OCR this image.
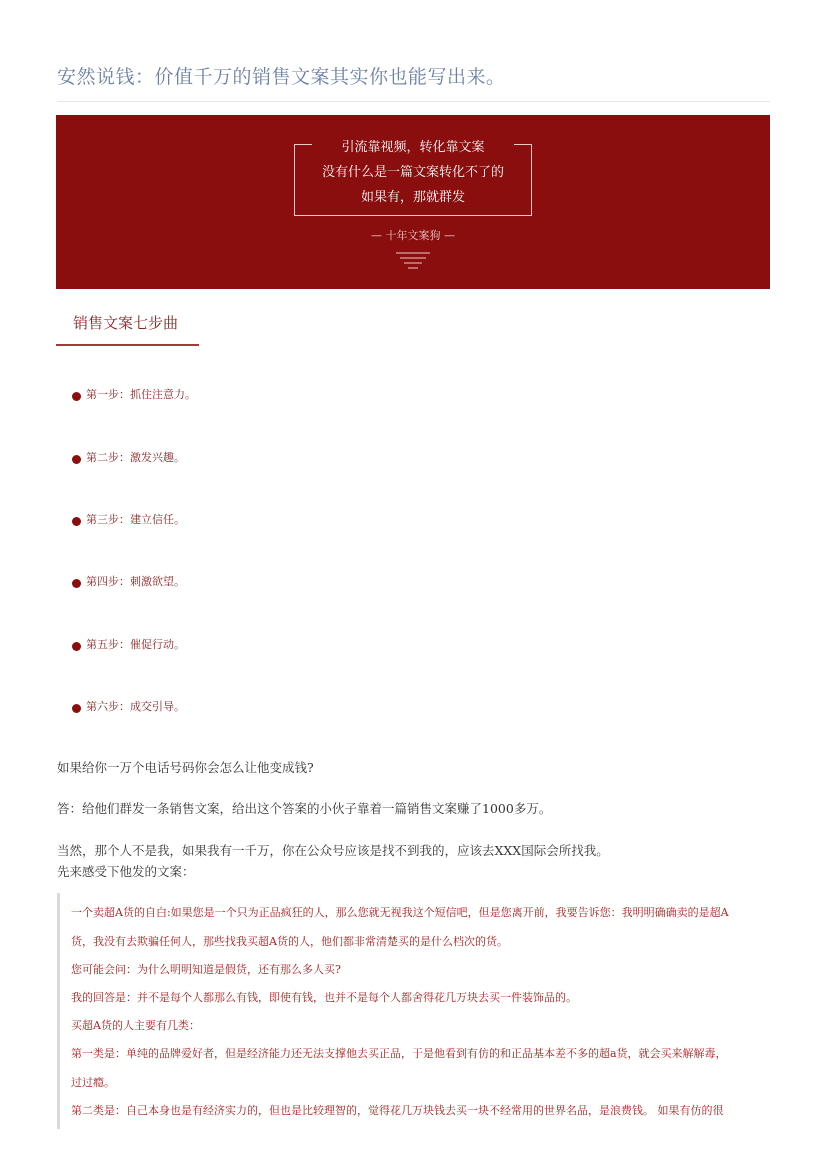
安然说钱：价值千万的销售文案其实你也能写出来。
引流靠视频，转化靠文案
没有什么是一篇文案转化不了的
如果有，那就群发
— 十年文案狗 —
销售文案七步曲
第一步：抓住注意力。
第二步：激发兴趣。
第三步：建立信任。
第四步：刺激欲望。
第五步：催促行动。
第六步：成交引导。
如果给你一万个电话号码你会怎么让他变成钱?
答：给他们群发一条销售文案，给出这个答案的小伙子靠着一篇销售文案赚了1000多万。
当然，那个人不是我，如果我有一千万，你在公众号应该是找不到我的，应该去XXX国际会所找我。
先来感受下他发的文案：
一个卖超A货的自白:如果您是一个只为正品疯狂的人，那么您就无视我这个短信吧，但是您离开前，我要告诉您：我明明确确卖的是超A
货，我没有去欺骗任何人，那些找我买超A货的人，他们都非常清楚买的是什么档次的货。
您可能会问：为什么明明知道是假货，还有那么多人买?
我的回答是：并不是每个人都那么有钱，即使有钱，也并不是每个人都舍得花几万块去买一件装饰品的。
买超A货的人主要有几类：
第一类是：单纯的品牌爱好者，但是经济能力还无法支撑他去买正品，于是他看到有仿的和正品基本差不多的超a货，就会买来解解毒，
过过瘾。
第二类是：自己本身也是有经济实力的，但也是比较理智的，觉得花几万块钱去买一块不经常用的世界名品，是浪费钱。 如果有仿的很
